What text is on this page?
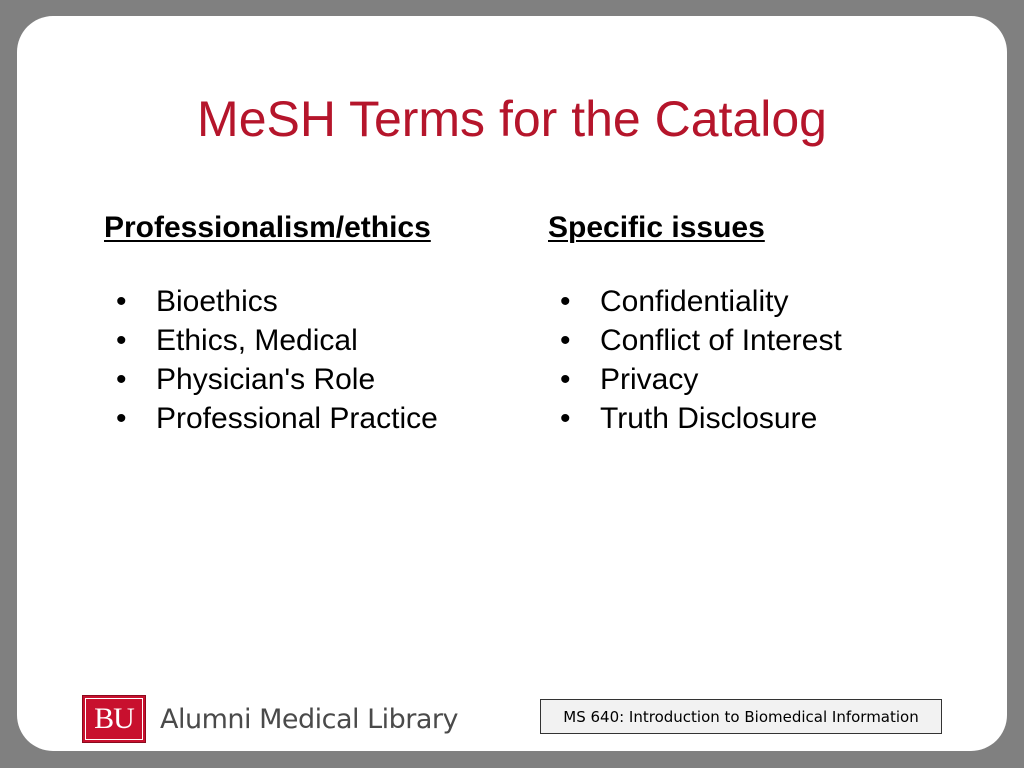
MeSH Terms for the Catalog

Professionalism/ethics

• Bioethics
• Ethics, Medical
• Physician's Role
• Professional Practice

Specific issues

• Confidentiality
• Conflict of Interest
• Privacy
• Truth Disclosure
BU Alumni Medical Library	MS 640: Introduction to Biomedical Information
